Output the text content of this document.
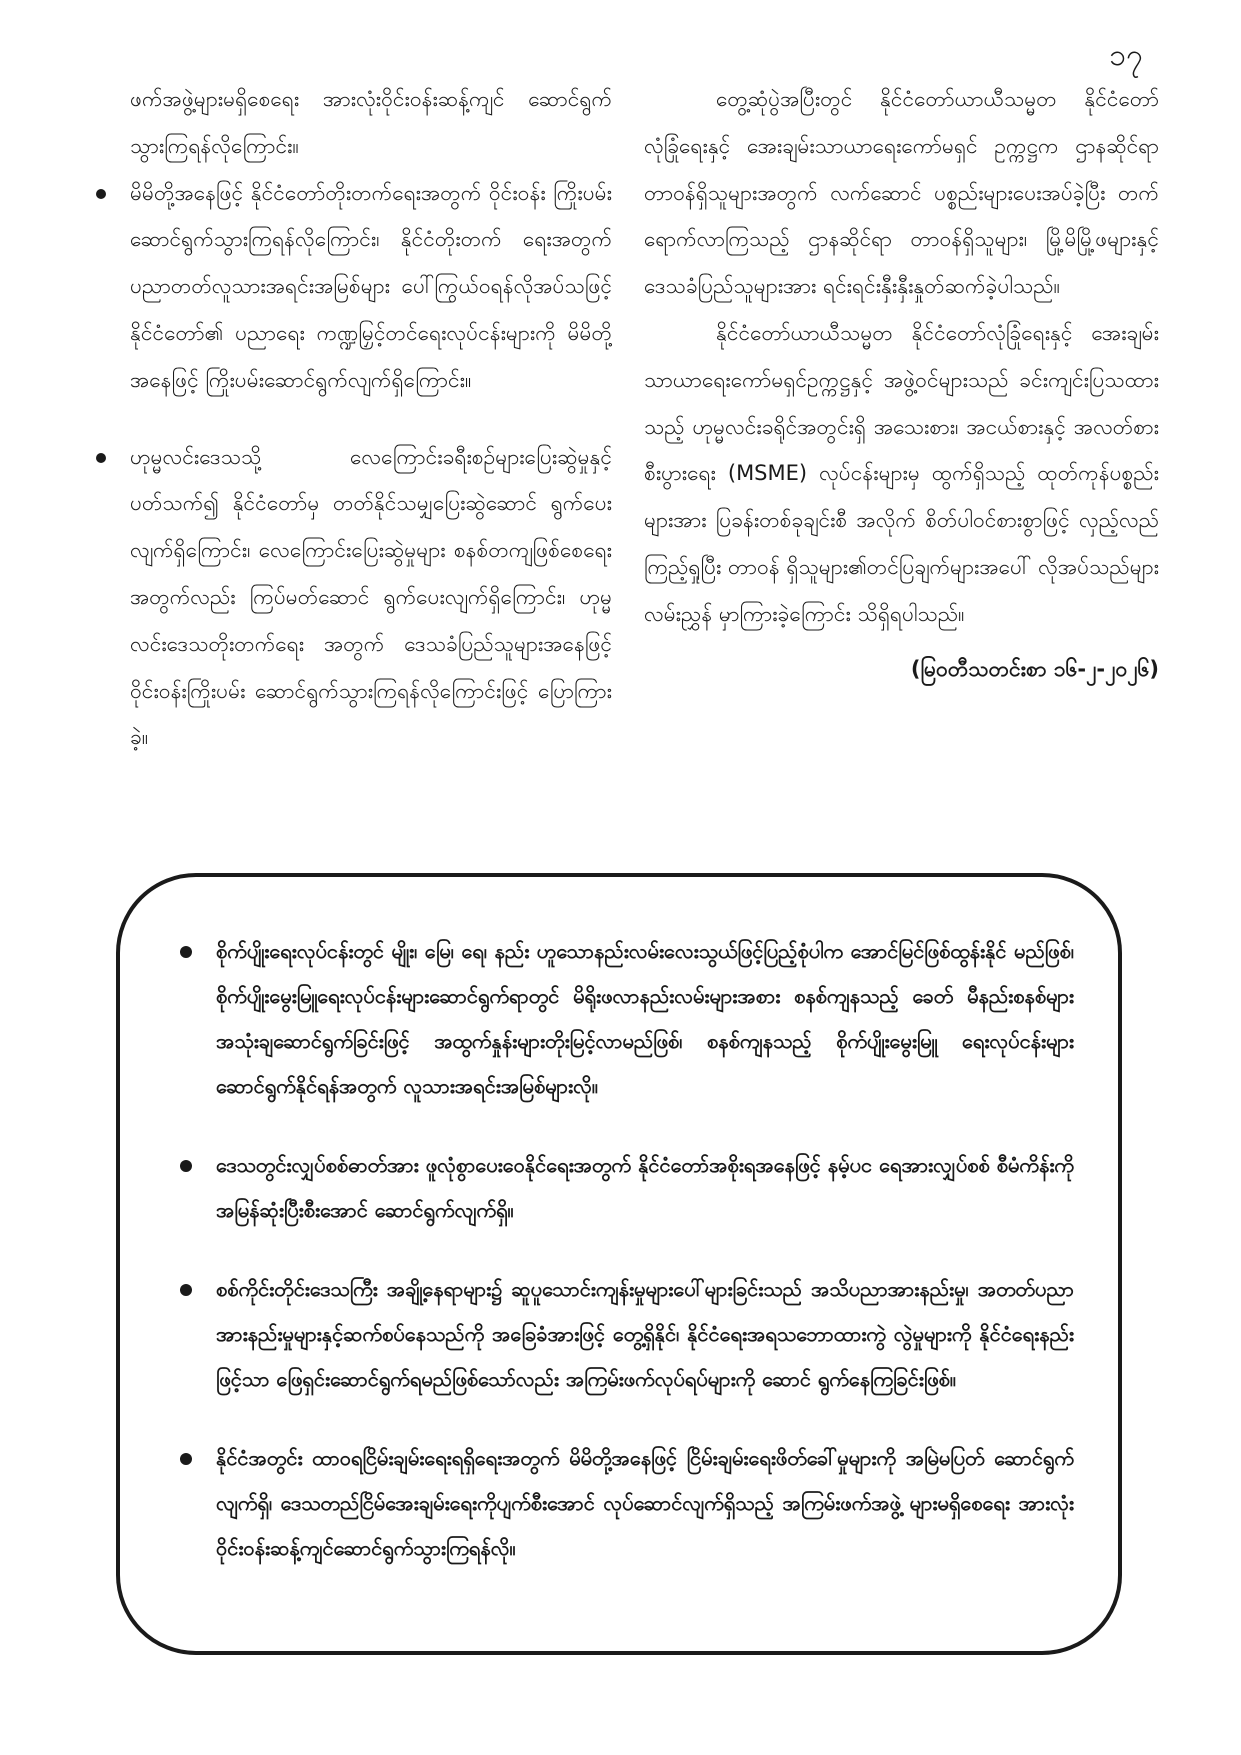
၁၇

ဖက်အဖွဲ့များမရှိစေရေး အားလုံးဝိုင်းဝန်းဆန့်ကျင် ဆောင်ရွက်သွားကြရန်လိုကြောင်း။

မိမိတို့အနေဖြင့် နိုင်ငံတော်တိုးတက်ရေးအတွက် ဝိုင်းဝန်း ကြိုးပမ်းဆောင်ရွက်သွားကြရန်လိုကြောင်း၊ နိုင်ငံတိုးတက် ရေးအတွက် ပညာတတ်လူသားအရင်းအမြစ်များ ပေါ်ကြွယ်ဝရန်လိုအပ်သဖြင့် နိုင်ငံတော်၏ ပညာရေး ကဏ္ဍမြှင့်တင်ရေးလုပ်ငန်းများကို မိမိတို့အနေဖြင့် ကြိုးပမ်းဆောင်ရွက်လျက်ရှိကြောင်း။
ဟုမ္မလင်းဒေသသို့ လေကြောင်းခရီးစဉ်များပြေးဆွဲမှုနှင့် ပတ်သက်၍ နိုင်ငံတော်မှ တတ်နိုင်သမျှပြေးဆွဲဆောင် ရွက်ပေးလျက်ရှိကြောင်း၊ လေကြောင်းပြေးဆွဲမှုများ စနစ်တကျဖြစ်စေရေးအတွက်လည်း ကြပ်မတ်ဆောင် ရွက်ပေးလျက်ရှိကြောင်း၊ ဟုမ္မလင်းဒေသတိုးတက်ရေး အတွက် ဒေသခံပြည်သူများအနေဖြင့် ဝိုင်းဝန်းကြိုးပမ်း ဆောင်ရွက်သွားကြရန်လိုကြောင်းဖြင့် ပြောကြားခဲ့။

တွေ့ဆုံပွဲအပြီးတွင် နိုင်ငံတော်ယာယီသမ္မတ နိုင်ငံတော်လုံခြုံရေးနှင့် အေးချမ်းသာယာရေးကော်မရှင် ဥက္ကဋ္ဌက ဌာနဆိုင်ရာတာဝန်ရှိသူများအတွက် လက်ဆောင် ပစ္စည်းများပေးအပ်ခဲ့ပြီး တက်ရောက်လာကြသည့် ဌာနဆိုင်ရာ တာဝန်ရှိသူများ၊ မြို့မိမြို့ဖများနှင့် ဒေသခံပြည်သူများအား ရင်းရင်းနှီးနှီးနှုတ်ဆက်ခဲ့ပါသည်။

နိုင်ငံတော်ယာယီသမ္မတ နိုင်ငံတော်လုံခြုံရေးနှင့် အေးချမ်းသာယာရေးကော်မရှင်ဥက္ကဋ္ဌနှင့် အဖွဲ့ဝင်များသည် ခင်းကျင်းပြသထားသည့် ဟုမ္မလင်းခရိုင်အတွင်းရှိ အသေးစား၊ အငယ်စားနှင့် အလတ်စားစီးပွားရေး (MSME) လုပ်ငန်းများမှ ထွက်ရှိသည့် ထုတ်ကုန်ပစ္စည်းများအား ပြခန်းတစ်ခုချင်းစီ အလိုက် စိတ်ပါဝင်စားစွာဖြင့် လှည့်လည်ကြည့်ရှုပြီး တာဝန် ရှိသူများ၏တင်ပြချက်များအပေါ် လိုအပ်သည်များ လမ်းညွှန် မှာကြားခဲ့ကြောင်း သိရှိရပါသည်။

(မြဝတီသတင်းစာ ၁၆-၂-၂၀၂၆)

စိုက်ပျိုးရေးလုပ်ငန်းတွင် မျိုး၊ မြေ၊ ရေ၊ နည်း ဟူသောနည်းလမ်းလေးသွယ်ဖြင့်ပြည့်စုံပါက အောင်မြင်ဖြစ်ထွန်းနိုင် မည်ဖြစ်၊ စိုက်ပျိုးမွေးမြူရေးလုပ်ငန်းများဆောင်ရွက်ရာတွင် မိရိုးဖလာနည်းလမ်းများအစား စနစ်ကျနသည့် ခေတ် မီနည်းစနစ်များ အသုံးချဆောင်ရွက်ခြင်းဖြင့် အထွက်နှုန်းများတိုးမြင့်လာမည်ဖြစ်၊ စနစ်ကျနသည့် စိုက်ပျိုးမွေးမြူ ရေးလုပ်ငန်းများဆောင်ရွက်နိုင်ရန်အတွက် လူသားအရင်းအမြစ်များလို။
ဒေသတွင်းလျှပ်စစ်ဓာတ်အား ဖူလုံစွာပေးဝေနိုင်ရေးအတွက် နိုင်ငံတော်အစိုးရအနေဖြင့် နမ့်ပင ရေအားလျှပ်စစ် စီမံကိန်းကို အမြန်ဆုံးပြီးစီးအောင် ဆောင်ရွက်လျက်ရှိ။
စစ်ကိုင်းတိုင်းဒေသကြီး အချို့နေရာများ၌ ဆူပူသောင်းကျန်းမှုများပေါ်များခြင်းသည် အသိပညာအားနည်းမှု၊ အတတ်ပညာအားနည်းမှုများနှင့်ဆက်စပ်နေသည်ကို အခြေခံအားဖြင့် တွေ့ရှိနိုင်၊ နိုင်ငံရေးအရသဘောထားကွဲ လွဲမှုများကို နိုင်ငံရေးနည်းဖြင့်သာ ဖြေရှင်းဆောင်ရွက်ရမည်ဖြစ်သော်လည်း အကြမ်းဖက်လုပ်ရပ်များကို ဆောင် ရွက်နေကြခြင်းဖြစ်။
နိုင်ငံအတွင်း ထာဝရငြိမ်းချမ်းရေးရရှိရေးအတွက် မိမိတို့အနေဖြင့် ငြိမ်းချမ်းရေးဖိတ်ခေါ်မှုများကို အမြဲမပြတ် ဆောင်ရွက်လျက်ရှိ၊ ဒေသတည်ငြိမ်အေးချမ်းရေးကိုပျက်စီးအောင် လုပ်ဆောင်လျက်ရှိသည့် အကြမ်းဖက်အဖွဲ့ များမရှိစေရေး အားလုံးဝိုင်းဝန်းဆန့်ကျင်ဆောင်ရွက်သွားကြရန်လို။
